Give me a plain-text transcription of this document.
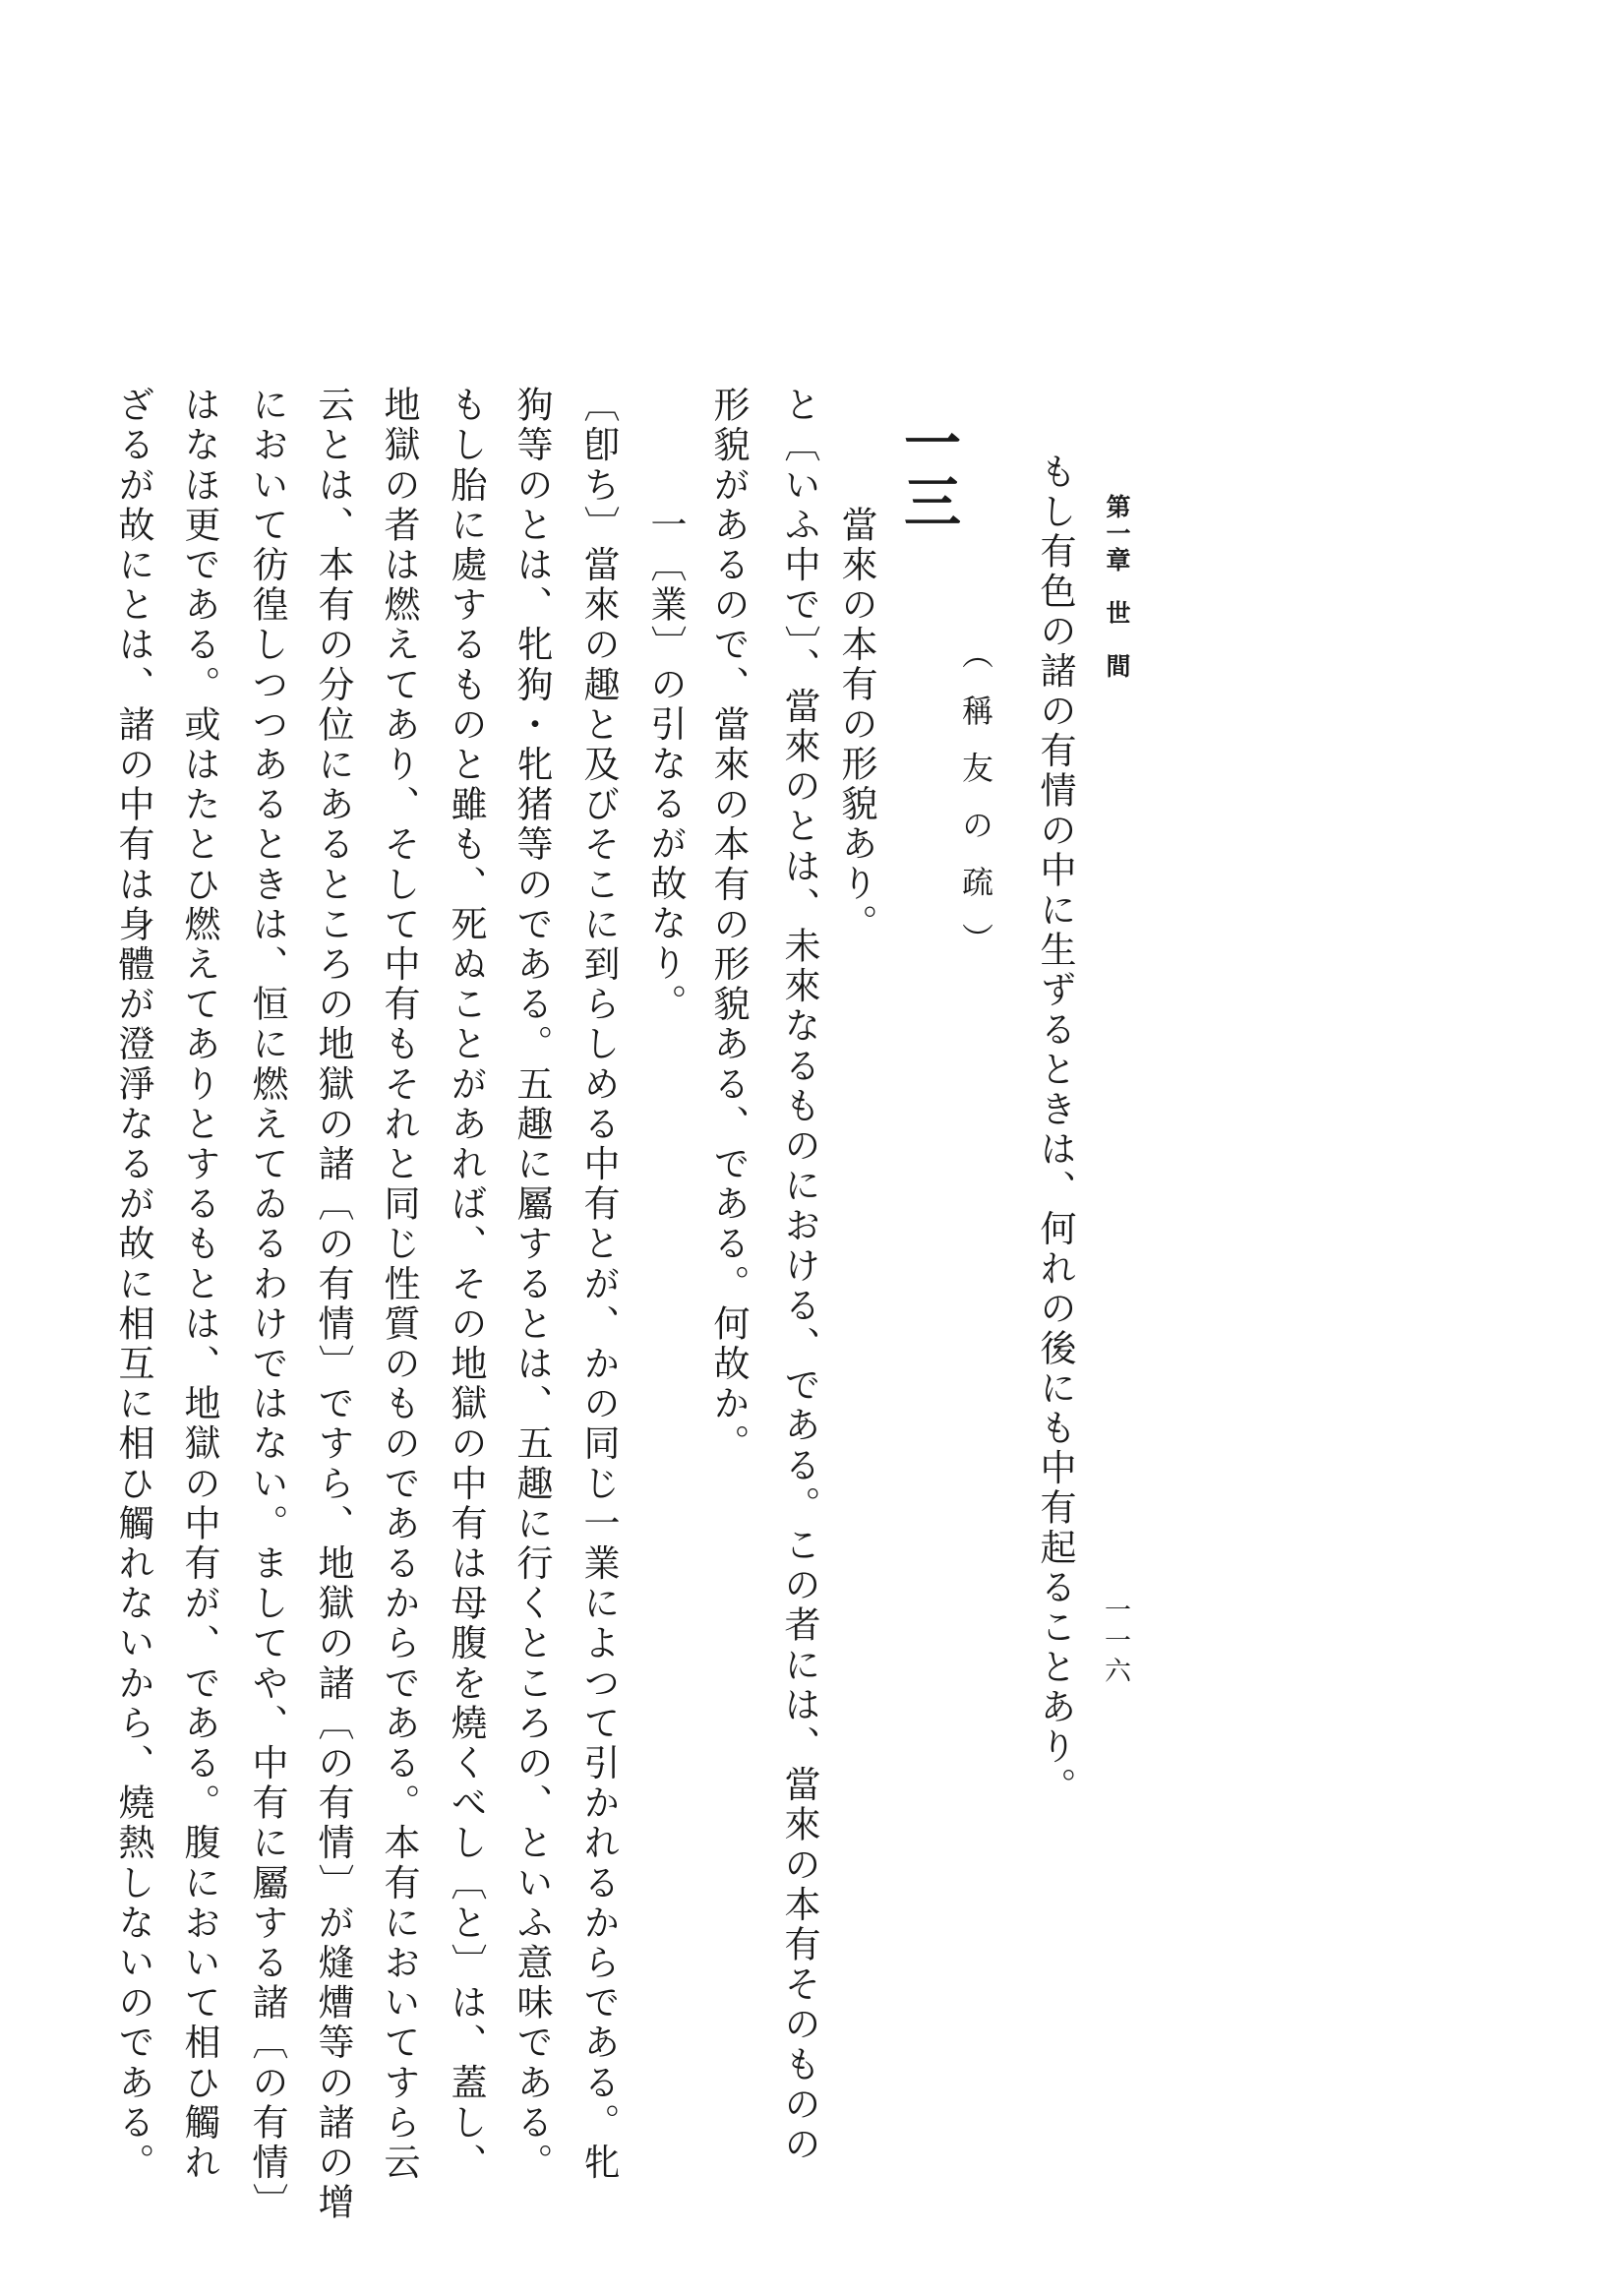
第一章　世　間
一一六
もし有色の諸の有情の中に生ずるときは、何れの後にも中有起ることあり。
（稱友の疏）
一三
當來の本有の形貌あり。
一〔業〕の引なるが故なり。	と〔いふ中で〕、當來のとは、未來なるものにおける、である。この者には、當來の本有そのものの
形貌があるので、當來の本有の形貌ある、である。何故か。
〔卽ち〕當來の趣と及びそこに到らしめる中有とが、かの同じ一業によつて引かれるからである。牝
狗等のとは、牝狗・牝猪等のである。五趣に屬するとは、五趣に行くところの、といふ意味である。
もし胎に處するものと雖も、死ぬことがあれば、その地獄の中有は母腹を燒くべし〔と〕は、蓋し、
地獄の者は燃えてあり、そして中有もそれと同じ性質のものであるからである。本有においてすら云
云とは、本有の分位にあるところの地獄の諸〔の有情〕ですら、地獄の諸〔の有情〕が熢㷮等の諸の增
において彷徨しつつあるときは、恒に燃えてゐるわけではない。ましてや、中有に屬する諸〔の有情〕
はなほ更である。或はたとひ燃えてありとするもとは、地獄の中有が、である。腹において相ひ觸れ
ざるが故にとは、諸の中有は身體が澄淨なるが故に相互に相ひ觸れないから、燒熱しないのである。
